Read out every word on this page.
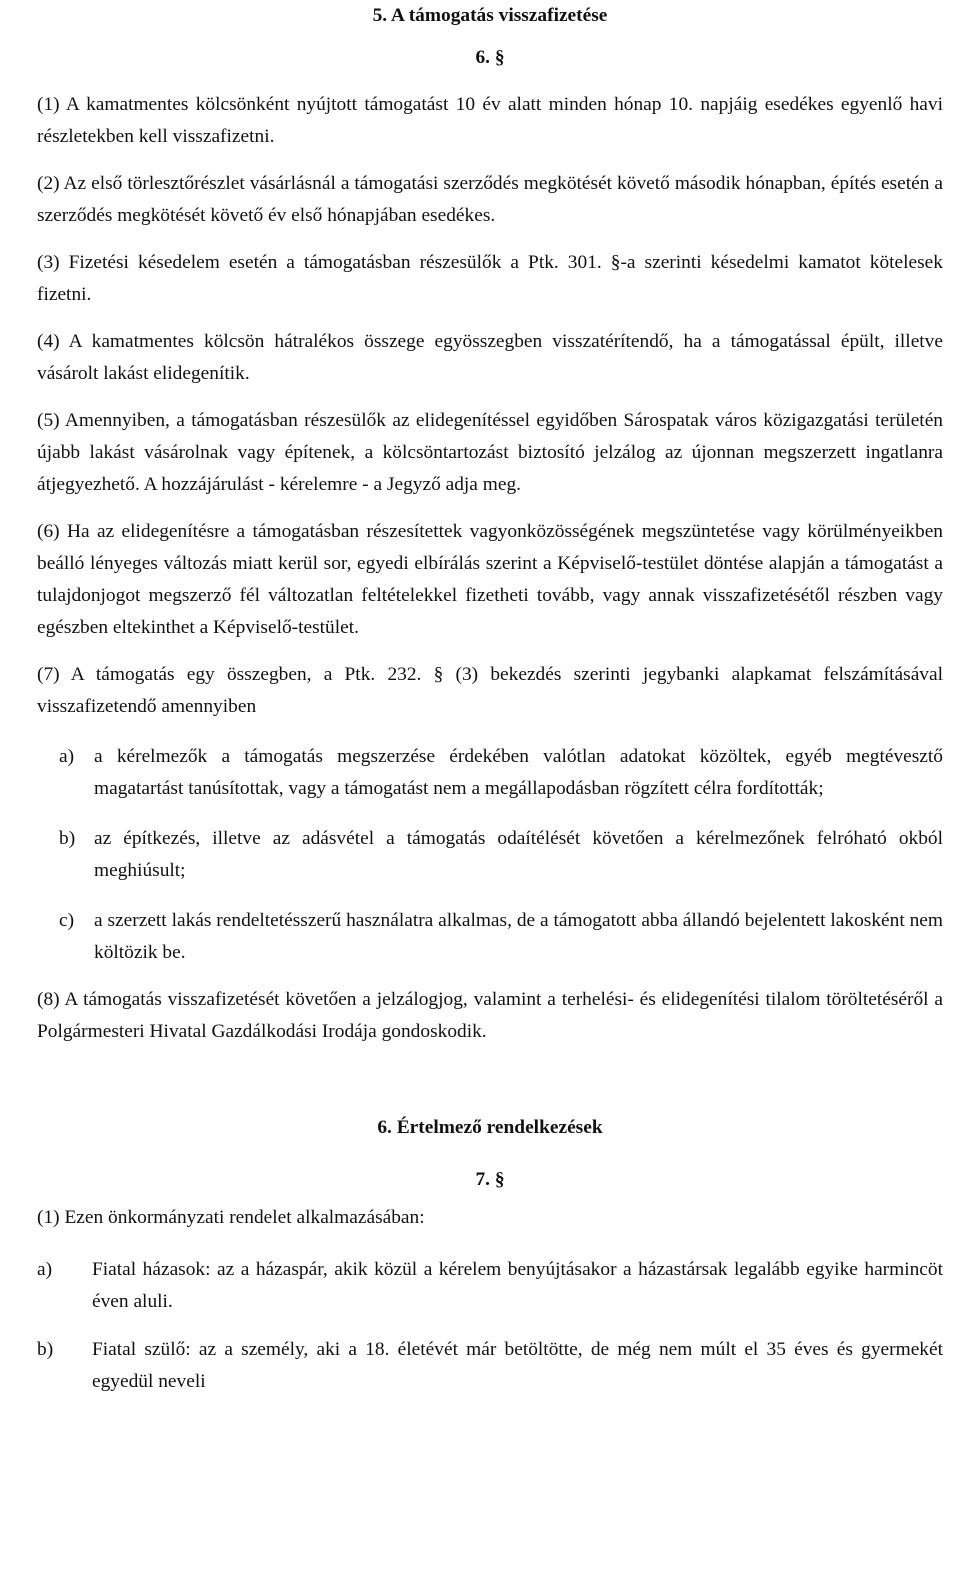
5. A támogatás visszafizetése

6. §

(1) A kamatmentes kölcsönként nyújtott támogatást 10 év alatt minden hónap 10. napjáig esedékes egyenlő havi részletekben kell visszafizetni.

(2) Az első törlesztőrészlet vásárlásnál a támogatási szerződés megkötését követő második hónapban, építés esetén a szerződés megkötését követő év első hónapjában esedékes.

(3) Fizetési késedelem esetén a támogatásban részesülők a Ptk. 301. §-a szerinti késedelmi kamatot kötelesek fizetni.

(4) A kamatmentes kölcsön hátralékos összege egyösszegben visszatérítendő, ha a támogatással épült, illetve vásárolt lakást elidegenítik.

(5) Amennyiben, a támogatásban részesülők az elidegenítéssel egyidőben Sárospatak város közigazgatási területén újabb lakást vásárolnak vagy építenek, a kölcsöntartozást biztosító jelzálog az újonnan megszerzett ingatlanra átjegyezhető. A hozzájárulást - kérelemre - a Jegyző adja meg.

(6) Ha az elidegenítésre a támogatásban részesítettek vagyonközösségének megszüntetése vagy körülményeikben beálló lényeges változás miatt kerül sor, egyedi elbírálás szerint a Képviselő-testület döntése alapján a támogatást a tulajdonjogot megszerző fél változatlan feltételekkel fizetheti tovább, vagy annak visszafizetésétől részben vagy egészben eltekinthet a Képviselő-testület.

(7) A támogatás egy összegben, a Ptk. 232. § (3) bekezdés szerinti jegybanki alapkamat felszámításával visszafizetendő amennyiben

a) a kérelmezők a támogatás megszerzése érdekében valótlan adatokat közöltek, egyéb megtévesztő magatartást tanúsítottak, vagy a támogatást nem a megállapodásban rögzített célra fordították;
b) az építkezés, illetve az adásvétel a támogatás odaítélését követően a kérelmezőnek felróható okból meghiúsult;
c) a szerzett lakás rendeltetésszerű használatra alkalmas, de a támogatott abba állandó bejelentett lakosként nem költözik be.

(8) A támogatás visszafizetését követően a jelzálogjog, valamint a terhelési- és elidegenítési tilalom töröltetéséről a Polgármesteri Hivatal Gazdálkodási Irodája gondoskodik.

6. Értelmező rendelkezések

7. §

(1) Ezen önkormányzati rendelet alkalmazásában:

a) Fiatal házasok: az a házaspár, akik közül a kérelem benyújtásakor a házastársak legalább egyike harmincöt éven aluli.
b) Fiatal szülő: az a személy, aki a 18. életévét már betöltötte, de még nem múlt el 35 éves és gyermekét egyedül neveli
